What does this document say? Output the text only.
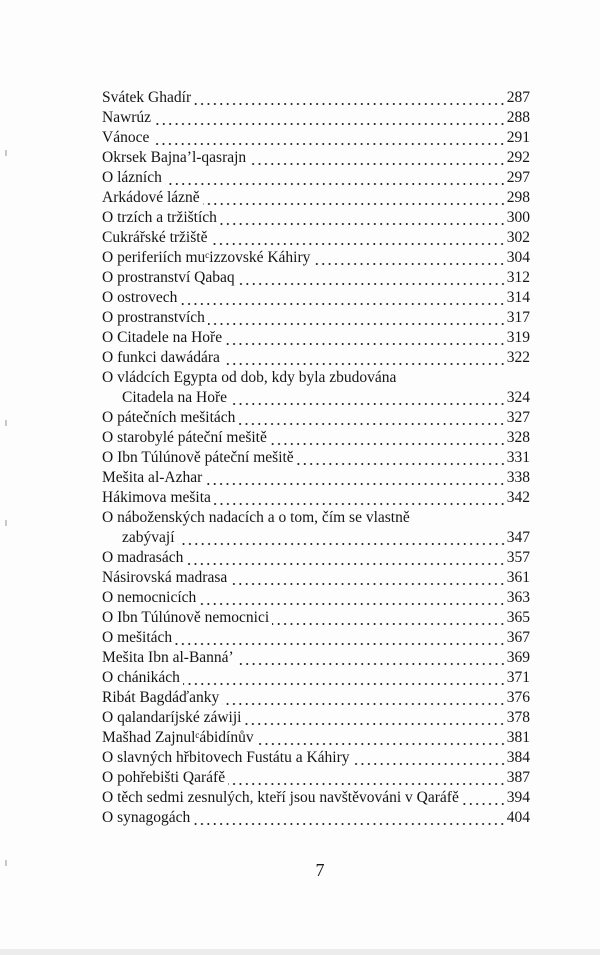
Svátek Ghadír	287
Nawrúz	288
Vánoce	291
Okrsek Bajna’l-qasrajn	292
O lázních	297
Arkádové lázně	298
O trzích a tržištích	300
Cukrářské tržiště	302
O periferiích muᶜizzovské Káhiry	304
O prostranství Qabaq	312
O ostrovech	314
O prostranstvích	317
O Citadele na Hoře	319
O funkci dawádára	322
O vládcích Egypta od dob, kdy byla zbudována
Citadela na Hoře	324
O pátečních mešitách	327
O starobylé páteční mešitě	328
O Ibn Túlúnově páteční mešitě	331
Mešita al-Azhar	338
Hákimova mešita	342
O náboženských nadacích a o tom, čím se vlastně
zabývají	347
O madrasách	357
Násirovská madrasa	361
O nemocnicích	363
O Ibn Túlúnově nemocnici	365
O mešitách	367
Mešita Ibn al-Banná’	369
O chánikách	371
Ribát Bagdáďanky	376
O qalandaríjské záwiji	378
Mašhad Zajnulᶜábidínův	381
O slavných hřbitovech Fustátu a Káhiry	384
O pohřebišti Qaráfě	387
O těch sedmi zesnulých, kteří jsou navštěvováni v Qaráfě	394
O synagogách	404
7
